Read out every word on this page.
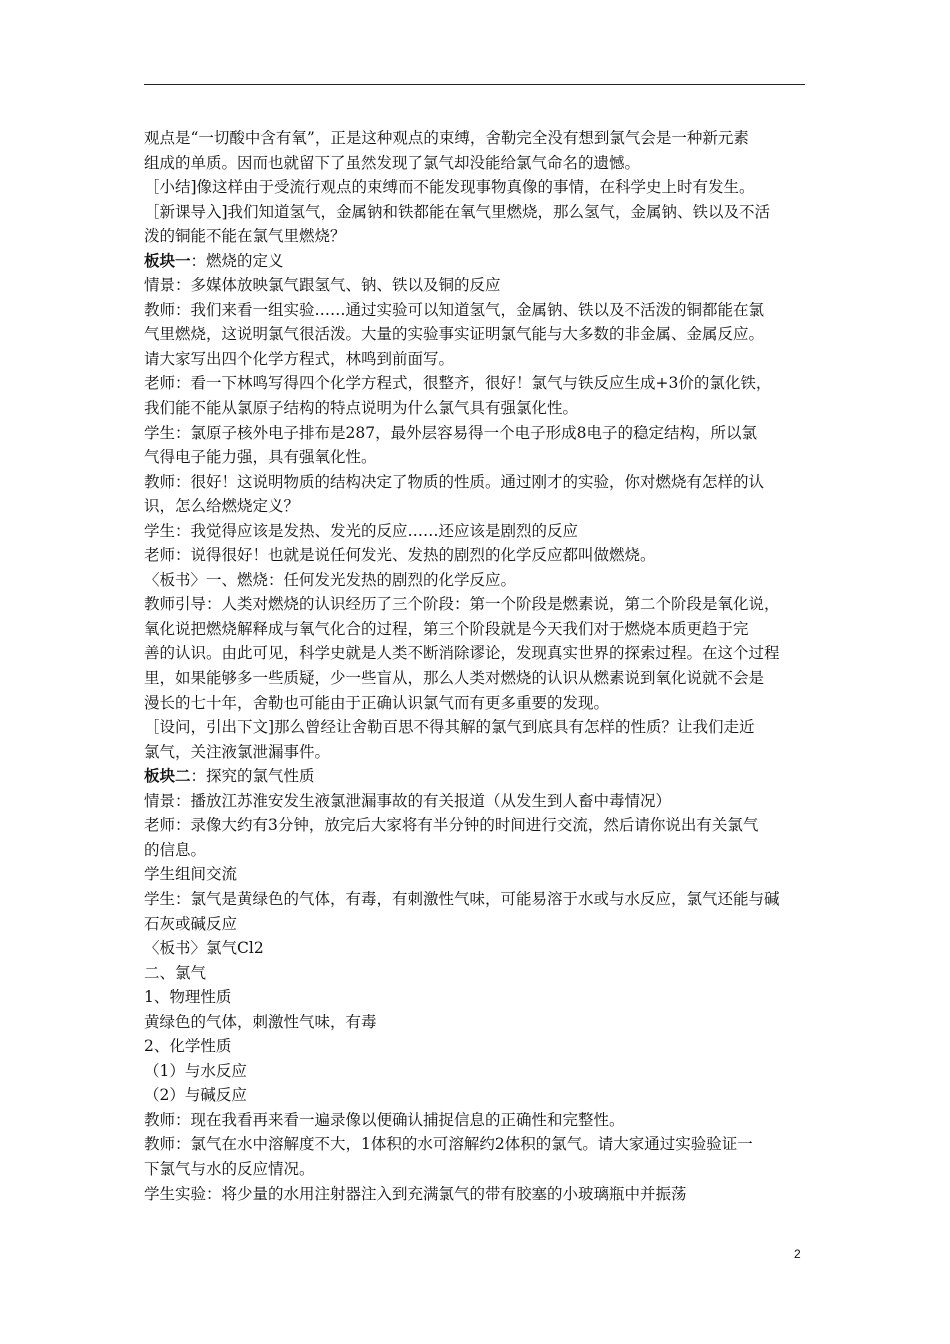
观点是“一切酸中含有氧”，正是这种观点的束缚，舍勒完全没有想到氯气会是一种新元素
组成的单质。因而也就留下了虽然发现了氯气却没能给氯气命名的遗憾。
［小结]像这样由于受流行观点的束缚而不能发现事物真像的事情，在科学史上时有发生。
［新课导入]我们知道氢气，金属钠和铁都能在氧气里燃烧，那么氢气，金属钠、铁以及不活
泼的铜能不能在氯气里燃烧？
板块一：燃烧的定义
情景：多媒体放映氯气跟氢气、钠、铁以及铜的反应
教师：我们来看一组实验……通过实验可以知道氢气，金属钠、铁以及不活泼的铜都能在氯
气里燃烧，这说明氯气很活泼。大量的实验事实证明氯气能与大多数的非金属、金属反应。
请大家写出四个化学方程式，林鸣到前面写。
老师：看一下林鸣写得四个化学方程式，很整齐，很好！氯气与铁反应生成+3价的氯化铁，
我们能不能从氯原子结构的特点说明为什么氯气具有强氯化性。
学生：氯原子核外电子排布是287，最外层容易得一个电子形成8电子的稳定结构，所以氯
气得电子能力强，具有强氧化性。
教师：很好！这说明物质的结构决定了物质的性质。通过刚才的实验，你对燃烧有怎样的认
识，怎么给燃烧定义？
学生：我觉得应该是发热、发光的反应……还应该是剧烈的反应
老师：说得很好！也就是说任何发光、发热的剧烈的化学反应都叫做燃烧。
〈板书〉一、燃烧：任何发光发热的剧烈的化学反应。
教师引导：人类对燃烧的认识经历了三个阶段：第一个阶段是燃素说，第二个阶段是氧化说，
氧化说把燃烧解释成与氧气化合的过程，第三个阶段就是今天我们对于燃烧本质更趋于完
善的认识。由此可见，科学史就是人类不断消除谬论，发现真实世界的探索过程。在这个过程
里，如果能够多一些质疑，少一些盲从，那么人类对燃烧的认识从燃素说到氧化说就不会是
漫长的七十年，舍勒也可能由于正确认识氯气而有更多重要的发现。
［设问，引出下文]那么曾经让舍勒百思不得其解的氯气到底具有怎样的性质？让我们走近
氯气，关注液氯泄漏事件。
板块二：探究的氯气性质
情景：播放江苏淮安发生液氯泄漏事故的有关报道（从发生到人畜中毒情况）
老师：录像大约有3分钟，放完后大家将有半分钟的时间进行交流，然后请你说出有关氯气
的信息。
学生组间交流
学生：氯气是黄绿色的气体，有毒，有刺激性气味，可能易溶于水或与水反应，氯气还能与碱
石灰或碱反应
〈板书〉氯气Cl2
二、氯气
1、物理性质
黄绿色的气体，刺激性气味，有毒
2、化学性质
（1）与水反应
（2）与碱反应
教师：现在我看再来看一遍录像以便确认捕捉信息的正确性和完整性。
教师：氯气在水中溶解度不大，1体积的水可溶解约2体积的氯气。请大家通过实验验证一
下氯气与水的反应情况。
学生实验：将少量的水用注射器注入到充满氯气的带有胶塞的小玻璃瓶中并振荡
2
